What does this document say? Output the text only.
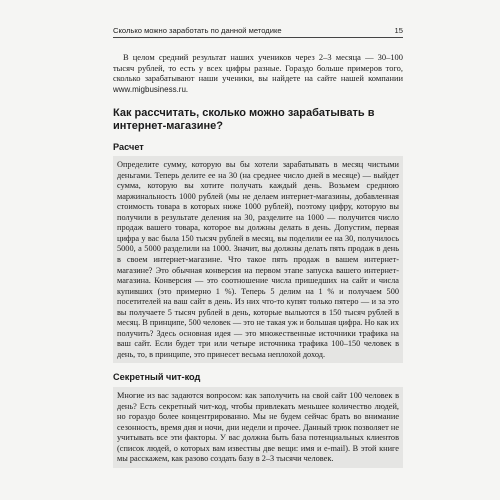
Сколько можно заработать по данной методике	15

В целом средний результат наших учеников через 2–3 месяца — 30–100 тысяч рублей, то есть у всех цифры разные. Гораздо больше примеров того, сколько зарабатывают наши ученики, вы найдете на сайте нашей компании www.migbusiness.ru.

Как рассчитать, сколько можно зарабатывать в интернет-магазине?
Расчет

Определите сумму, которую вы бы хотели зарабатывать в месяц чистыми деньгами. Теперь делите ее на 30 (на среднее число дней в месяце) — выйдет сумма, которую вы хотите получать каждый день. Возьмем среднюю маржинальность 1000 рублей (мы не делаем интернет-магазины, добавленная стоимость товара в которых ниже 1000 рублей), поэтому цифру, которую вы получили в результате деления на 30, разделите на 1000 — получится число продаж вашего товара, которое вы должны делать в день. Допустим, первая цифра у вас была 150 тысяч рублей в месяц, вы поделили ее на 30, получилось 5000, а 5000 разделили на 1000. Значит, вы должны делать пять продаж в день в своем интернет-магазине. Что такое пять продаж в вашем интернет-магазине? Это обычная конверсия на первом этапе запуска вашего интернет-магазина. Конверсия — это соотношение числа пришедших на сайт и числа купивших (это примерно 1 %). Теперь 5 делим на 1 % и получаем 500 посетителей на ваш сайт в день. Из них что-то купят только пятеро — и за это вы получаете 5 тысяч рублей в день, которые выльются в 150 тысяч рублей в месяц. В принципе, 500 человек — это не такая уж и большая цифра. Но как их получить? Здесь основная идея — это множественные источники трафика на ваш сайт. Если будет три или четыре источника трафика 100–150 человек в день, то, в принципе, это принесет весьма неплохой доход.

Секретный чит-код

Многие из вас задаются вопросом: как заполучить на свой сайт 100 человек в день? Есть секретный чит-код, чтобы привлекать меньшее количество людей, но гораздо более концентрированно. Мы не будем сейчас брать во внимание сезонность, время дня и ночи, дни недели и прочее. Данный трюк позволяет не учитывать все эти факторы. У вас должна быть база потенциальных клиентов (список людей, о которых вам известны две вещи: имя и e-mail). В этой книге мы расскажем, как разово создать базу в 2–3 тысячи человек.
